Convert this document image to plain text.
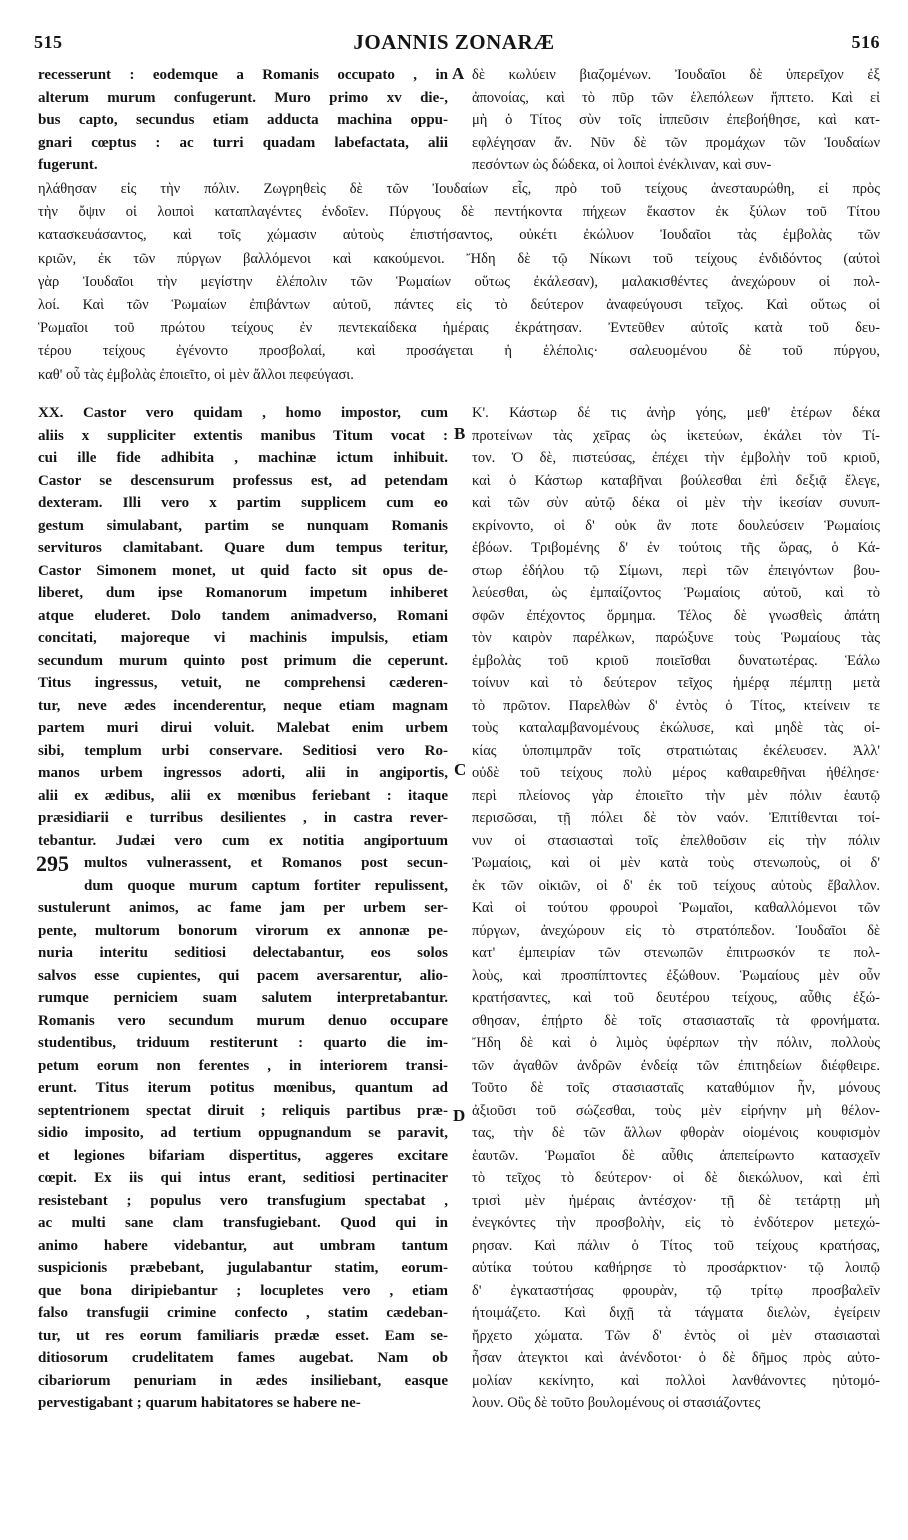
515	JOANNIS ZONARÆ	516
recesserunt : eodemque a Romanis occupato , in
alterum murum confugerunt. Muro primo xv die-,
bus capto, secundus etiam adducta machina oppu-
gnari cœptus : ac turri quadam labefactata, alii
fugerunt.
δὲ κωλύειν βιαζομένων. Ἰουδαῖοι δὲ ὑπερεῖχον ἐξ
ἀπονοίας, καὶ τὸ πῦρ τῶν ἑλεπόλεων ἥπτετο. Καὶ εἰ
μὴ ὁ Τίτος σὺν τοῖς ἱππεῦσιν ἐπεβοήθησε, καὶ κατ-
εφλέγησαν ἄν. Νῦν δὲ τῶν προμάχων τῶν Ἰουδαίων
πεσόντων ὡς δώδεκα, οἱ λοιποὶ ἐνέκλιναν, καὶ συν-
ηλάθησαν εἰς τὴν πόλιν. Ζωγρηθεὶς δὲ τῶν Ἰουδαίων εἷς, πρὸ τοῦ τείχους ἀνεσταυρώθη, εἰ πρὸς
τὴν ὄψιν οἱ λοιποὶ καταπλαγέντες ἐνδοῖεν. Πύργους δὲ πεντήκοντα πήχεων ἕκαστον ἐκ ξύλων τοῦ Τίτου
κατασκευάσαντος, καὶ τοῖς χώμασιν αὐτοὺς ἐπιστήσαντος, οὐκέτι ἐκώλυον Ἰουδαῖοι τὰς ἐμβολὰς τῶν
κριῶν, ἐκ τῶν πύργων βαλλόμενοι καὶ κακούμενοι. Ἤδη δὲ τῷ Νίκωνι τοῦ τείχους ἐνδιδόντος (αὐτοὶ
γὰρ Ἰουδαῖοι τὴν μεγίστην ἑλέπολιν τῶν Ῥωμαίων οὕτως ἐκάλεσαν), μαλακισθέντες ἀνεχώρουν οἱ πολ-
λοί. Καὶ τῶν Ῥωμαίων ἐπιβάντων αὐτοῦ, πάντες εἰς τὸ δεύτερον ἀναφεύγουσι τεῖχος. Καὶ οὕτως οἱ
Ῥωμαῖοι τοῦ πρώτου τείχους ἐν πεντεκαίδεκα ἡμέραις ἐκράτησαν. Ἐντεῦθεν αὐτοῖς κατὰ τοῦ δευ-
τέρου τείχους ἐγένοντο προσβολαί, καὶ προσάγεται ἡ ἑλέπολις· σαλευομένου δὲ τοῦ πύργου,
καθ' οὗ τὰς ἐμβολὰς ἐποιεῖτο, οἱ μὲν ἄλλοι πεφεύγασι.
XX. Castor vero quidam , homo impostor, cum
aliis x suppliciter extentis manibus Titum vocat :
cui ille fide adhibita , machinæ ictum inhibuit.
Castor se descensurum professus est, ad petendam
dexteram. Illi vero x partim supplicem cum eo
gestum simulabant, partim se nunquam Romanis
servituros clamitabant. Quare dum tempus teritur,
Castor Simonem monet, ut quid facto sit opus de-
liberet, dum ipse Romanorum impetum inhiberet
atque eluderet. Dolo tandem animadverso, Romani
concitati, majoreque vi machinis impulsis, etiam
secundum murum quinto post primum die ceperunt.
Titus ingressus, vetuit, ne comprehensi cæderen-
tur, neve ædes incenderentur, neque etiam magnam
partem muri dirui voluit. Malebat enim urbem
sibi, templum urbi conservare. Seditiosi vero Ro-
manos urbem ingressos adorti, alii in angiportis,
alii ex ædibus, alii ex mœnibus feriebant : itaque
præsidiarii e turribus desilientes , in castra rever-
tebantur. Judæi vero cum ex notitia angiportuum
multos vulnerassent, et Romanos post secun-
dum quoque murum captum fortiter repulissent,
sustulerunt animos, ac fame jam per urbem ser-
pente, multorum bonorum virorum ex annonæ pe-
nuria interitu seditiosi delectabantur, eos solos
salvos esse cupientes, qui pacem aversarentur, alio-
rumque perniciem suam salutem interpretabantur.
Romanis vero secundum murum denuo occupare
studentibus, triduum restiterunt : quarto die im-
petum eorum non ferentes , in interiorem transi-
erunt. Titus iterum potitus mœnibus, quantum ad
septentrionem spectat diruit ; reliquis partibus præ-
sidio imposito, ad tertium oppugnandum se paravit,
et legiones bifariam dispertitus, aggeres excitare
cœpit. Ex iis qui intus erant, seditiosi pertinaciter
resistebant ; populus vero transfugium spectabat ,
ac multi sane clam transfugiebant. Quod qui in
animo habere videbantur, aut umbram tantum
suspicionis præbebant, jugulabantur statim, eorum-
que bona diripiebantur ; locupletes vero , etiam
falso transfugii crimine confecto , statim cædeban-
tur, ut res eorum familiaris prædæ esset. Eam se-
ditiosorum crudelitatem fames augebat. Nam ob
cibariorum penuriam in ædes insiliebant, easque
pervestigabant ; quarum habitatores se habere ne-
Κ'. Κάστωρ δέ τις ἀνὴρ γόης, μεθ' ἑτέρων δέκα
προτείνων τὰς χεῖρας ὡς ἱκετεύων, ἐκάλει τὸν Τί-
τον. Ὁ δὲ, πιστεύσας, ἐπέχει τὴν ἐμβολὴν τοῦ κριοῦ,
καὶ ὁ Κάστωρ καταβῆναι βούλεσθαι ἐπὶ δεξιᾷ ἔλεγε,
καὶ τῶν σὺν αὐτῷ δέκα οἱ μὲν τὴν ἱκεσίαν συνυπ-
εκρίνοντο, οἱ δ' οὐκ ἂν ποτε δουλεύσειν Ῥωμαίοις
ἐβόων. Τριβομένης δ' ἐν τούτοις τῆς ὥρας, ὁ Κά-
στωρ ἐδήλου τῷ Σίμωνι, περὶ τῶν ἐπειγόντων βου-
λεύεσθαι, ὡς ἐμπαίζοντος Ῥωμαίοις αὐτοῦ, καὶ τὸ
σφῶν ἐπέχοντος ὅρμημα. Τέλος δὲ γνωσθεὶς ἀπάτη
τὸν καιρὸν παρέλκων, παρώξυνε τοὺς Ῥωμαίους τὰς
ἐμβολὰς τοῦ κριοῦ ποιεῖσθαι δυνατωτέρας. Ἑάλω
τοίνυν καὶ τὸ δεύτερον τεῖχος ἡμέρᾳ πέμπτῃ μετὰ
τὸ πρῶτον. Παρελθὼν δ' ἐντὸς ὁ Τίτος, κτείνειν τε
τοὺς καταλαμβανομένους ἐκώλυσε, καὶ μηδὲ τὰς οἰ-
κίας ὑποπιμπρᾶν τοῖς στρατιώταις ἐκέλευσεν. Ἀλλ'
οὐδὲ τοῦ τείχους πολὺ μέρος καθαιρεθῆναι ἠθέλησε·
περὶ πλείονος γὰρ ἐποιεῖτο τὴν μὲν πόλιν ἑαυτῷ
περισῶσαι, τῇ πόλει δὲ τὸν ναόν. Ἐπιτίθενται τοί-
νυν οἱ στασιασταὶ τοῖς ἐπελθοῦσιν εἰς τὴν πόλιν
Ῥωμαίοις, καὶ οἱ μὲν κατὰ τοὺς στενωποὺς, οἱ δ'
ἐκ τῶν οἰκιῶν, οἱ δ' ἐκ τοῦ τείχους αὐτοὺς ἔβαλλον.
Καὶ οἱ τούτου φρουροὶ Ῥωμαῖοι, καθαλλόμενοι τῶν
πύργων, ἀνεχώρουν εἰς τὸ στρατόπεδον. Ἰουδαῖοι δὲ
κατ' ἐμπειρίαν τῶν στενωπῶν ἐπιτρωσκόν τε πολ-
λοὺς, καὶ προσπίπτοντες ἐξώθουν. Ῥωμαίους μὲν οὖν
κρατήσαντες, καὶ τοῦ δευτέρου τείχους, αὖθις ἐξώ-
σθησαν, ἐπῄρτο δὲ τοῖς στασιασταῖς τὰ φρονήματα.
Ἤδη δὲ καὶ ὁ λιμὸς ὑφέρπων τὴν πόλιν, πολλοὺς
τῶν ἀγαθῶν ἀνδρῶν ἐνδείᾳ τῶν ἐπιτηδείων διέφθειρε.
Τοῦτο δὲ τοῖς στασιασταῖς καταθύμιον ἦν, μόνους
ἀξιοῦσι τοῦ σώζεσθαι, τοὺς μὲν εἰρήνην μὴ θέλον-
τας, τὴν δὲ τῶν ἄλλων φθορὰν οἰομένοις κουφισμὸν
ἑαυτῶν. Ῥωμαῖοι δὲ αὖθις ἀπεπείρωντο κατασχεῖν
τὸ τεῖχος τὸ δεύτερον· οἱ δὲ διεκώλυον, καὶ ἐπὶ
τρισὶ μὲν ἡμέραις ἀντέσχον· τῇ δὲ τετάρτῃ μὴ
ἐνεγκόντες τὴν προσβολὴν, εἰς τὸ ἐνδότερον μετεχώ-
ρησαν. Καὶ πάλιν ὁ Τίτος τοῦ τείχους κρατήσας,
αὐτίκα τούτου καθήρησε τὸ προσάρκτιον· τῷ λοιπῷ
δ' ἐγκαταστήσας φρουρὰν, τῷ τρίτῳ προσβαλεῖν
ἡτοιμάζετο. Καὶ διχῇ τὰ τάγματα διελὼν, ἐγείρειν
ἤρχετο χώματα. Τῶν δ' ἐντὸς οἱ μὲν στασιασταὶ
ἦσαν ἀτεγκτοι καὶ ἀνένδοτοι· ὁ δὲ δῆμος πρὸς αὐτο-
μολίαν κεκίνητο, καὶ πολλοὶ λανθάνοντες ηὐτομό-
λουν. Οὓς δὲ τοῦτο βουλομένους οἱ στασιάζοντες
A
B
C
D
295
